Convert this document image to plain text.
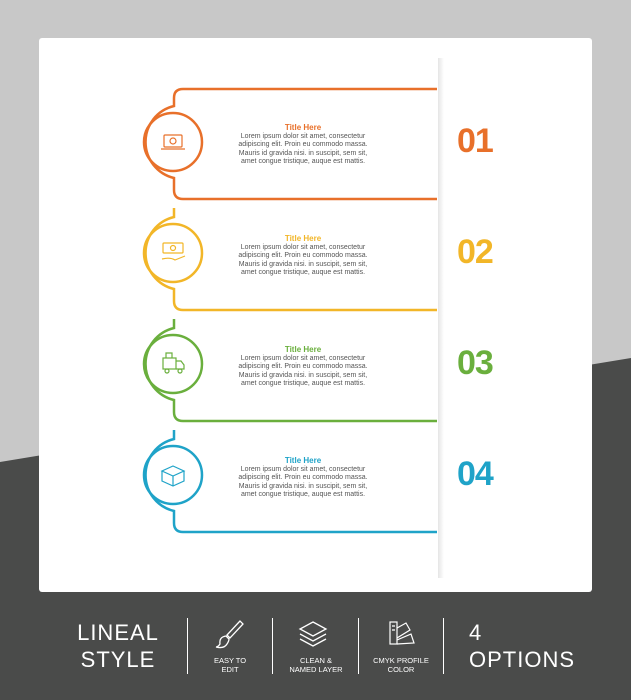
Title Here
Lorem ipsum dolor sit amet, consectetur adipiscing elit. Proin eu commodo massa. Mauris id gravida nisi. in suscipit, sem sit, amet congue tristique, auque est mattis.
01
Title Here
Lorem ipsum dolor sit amet, consectetur adipiscing elit. Proin eu commodo massa. Mauris id gravida nisi. in suscipit, sem sit, amet congue tristique, auque est mattis.
02
Title Here
Lorem ipsum dolor sit amet, consectetur adipiscing elit. Proin eu commodo massa. Mauris id gravida nisi. in suscipit, sem sit, amet congue tristique, auque est mattis.
03
Title Here
Lorem ipsum dolor sit amet, consectetur adipiscing elit. Proin eu commodo massa. Mauris id gravida nisi. in suscipit, sem sit, amet congue tristique, auque est mattis.
04
LINEAL
STYLE	EASY TO
EDIT
CLEAN &
NAMED LAYER
CMYK PROFILE
COLOR
4
OPTIONS
